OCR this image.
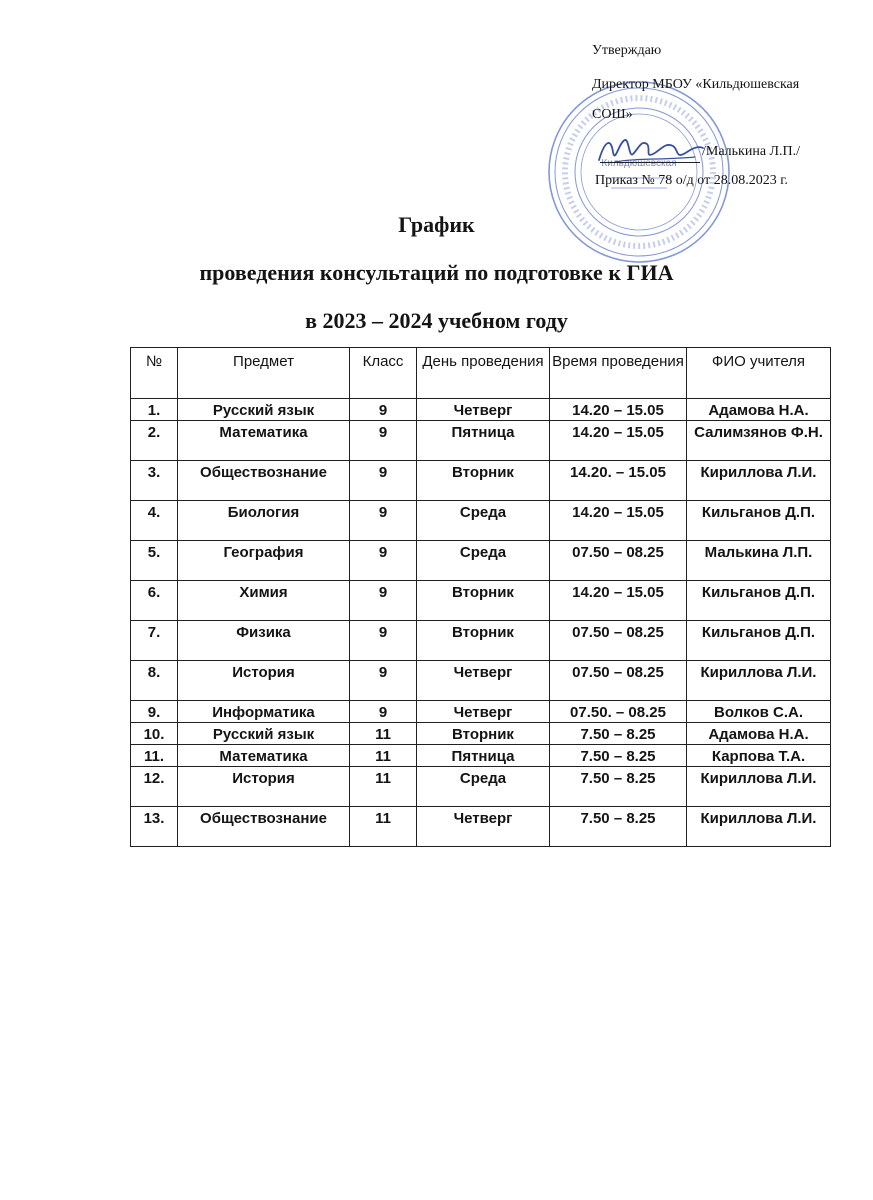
Кильдюшевская
Утверждаю
Директор МБОУ «Кильдюшевская
СОШ»
/Малькина Л.П./
Приказ № 78 о/д от 28.08.2023 г.
График
проведения консультаций по подготовке к ГИА
в 2023 – 2024 учебном году
№	Предмет	Класс	День проведения	Время проведения	ФИО учителя
1.	Русский язык	9	Четверг	14.20 – 15.05	Адамова Н.А.
2.	Математика	9	Пятница	14.20 – 15.05	Салимзянов Ф.Н.
3.	Обществознание	9	Вторник	14.20. – 15.05	Кириллова Л.И.
4.	Биология	9	Среда	14.20 – 15.05	Кильганов Д.П.
5.	География	9	Среда	07.50 – 08.25	Малькина Л.П.
6.	Химия	9	Вторник	14.20 – 15.05	Кильганов Д.П.
7.	Физика	9	Вторник	07.50 – 08.25	Кильганов Д.П.
8.	История	9	Четверг	07.50 – 08.25	Кириллова Л.И.
9.	Информатика	9	Четверг	07.50. – 08.25	Волков С.А.
10.	Русский язык	11	Вторник	7.50 – 8.25	Адамова Н.А.
11.	Математика	11	Пятница	7.50 – 8.25	Карпова Т.А.
12.	История	11	Среда	7.50 – 8.25	Кириллова Л.И.
13.	Обществознание	11	Четверг	7.50 – 8.25	Кириллова Л.И.
